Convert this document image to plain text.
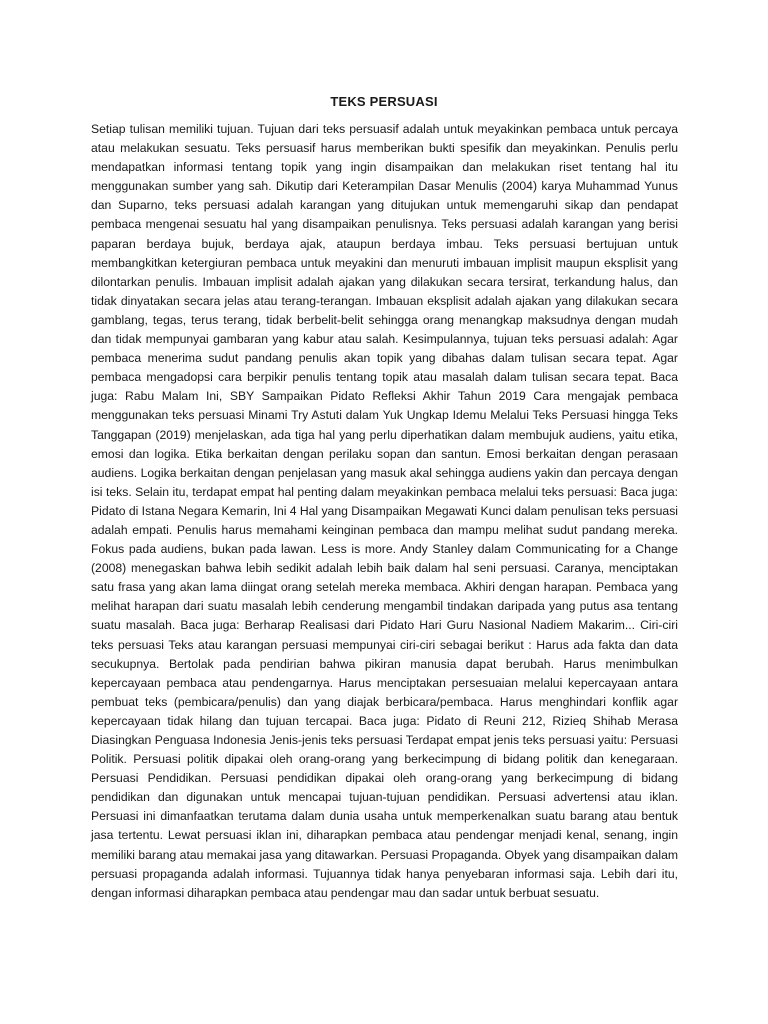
TEKS PERSUASI

Setiap tulisan memiliki tujuan. Tujuan dari teks persuasif adalah untuk meyakinkan pembaca untuk percaya atau melakukan sesuatu. Teks persuasif harus memberikan bukti spesifik dan meyakinkan. Penulis perlu mendapatkan informasi tentang topik yang ingin disampaikan dan melakukan riset tentang hal itu menggunakan sumber yang sah. Dikutip dari Keterampilan Dasar Menulis (2004) karya Muhammad Yunus dan Suparno, teks persuasi adalah karangan yang ditujukan untuk memengaruhi sikap dan pendapat pembaca mengenai sesuatu hal yang disampaikan penulisnya. Teks persuasi adalah karangan yang berisi paparan berdaya bujuk, berdaya ajak, ataupun berdaya imbau. Teks persuasi bertujuan untuk membangkitkan ketergiuran pembaca untuk meyakini dan menuruti imbauan implisit maupun eksplisit yang dilontarkan penulis. Imbauan implisit adalah ajakan yang dilakukan secara tersirat, terkandung halus, dan tidak dinyatakan secara jelas atau terang-terangan. Imbauan eksplisit adalah ajakan yang dilakukan secara gamblang, tegas, terus terang, tidak berbelit-belit sehingga orang menangkap maksudnya dengan mudah dan tidak mempunyai gambaran yang kabur atau salah. Kesimpulannya, tujuan teks persuasi adalah: Agar pembaca menerima sudut pandang penulis akan topik yang dibahas dalam tulisan secara tepat. Agar pembaca mengadopsi cara berpikir penulis tentang topik atau masalah dalam tulisan secara tepat. Baca juga: Rabu Malam Ini, SBY Sampaikan Pidato Refleksi Akhir Tahun 2019 Cara mengajak pembaca menggunakan teks persuasi Minami Try Astuti dalam Yuk Ungkap Idemu Melalui Teks Persuasi hingga Teks Tanggapan (2019) menjelaskan, ada tiga hal yang perlu diperhatikan dalam membujuk audiens, yaitu etika, emosi dan logika. Etika berkaitan dengan perilaku sopan dan santun. Emosi berkaitan dengan perasaan audiens. Logika berkaitan dengan penjelasan yang masuk akal sehingga audiens yakin dan percaya dengan isi teks. Selain itu, terdapat empat hal penting dalam meyakinkan pembaca melalui teks persuasi: Baca juga: Pidato di Istana Negara Kemarin, Ini 4 Hal yang Disampaikan Megawati Kunci dalam penulisan teks persuasi adalah empati. Penulis harus memahami keinginan pembaca dan mampu melihat sudut pandang mereka. Fokus pada audiens, bukan pada lawan. Less is more. Andy Stanley dalam Communicating for a Change (2008) menegaskan bahwa lebih sedikit adalah lebih baik dalam hal seni persuasi. Caranya, menciptakan satu frasa yang akan lama diingat orang setelah mereka membaca. Akhiri dengan harapan. Pembaca yang melihat harapan dari suatu masalah lebih cenderung mengambil tindakan daripada yang putus asa tentang suatu masalah. Baca juga: Berharap Realisasi dari Pidato Hari Guru Nasional Nadiem Makarim... Ciri-ciri teks persuasi Teks atau karangan persuasi mempunyai ciri-ciri sebagai berikut : Harus ada fakta dan data secukupnya. Bertolak pada pendirian bahwa pikiran manusia dapat berubah. Harus menimbulkan kepercayaan pembaca atau pendengarnya. Harus menciptakan persesuaian melalui kepercayaan antara pembuat teks (pembicara/penulis) dan yang diajak berbicara/pembaca. Harus menghindari konflik agar kepercayaan tidak hilang dan tujuan tercapai. Baca juga: Pidato di Reuni 212, Rizieq Shihab Merasa Diasingkan Penguasa Indonesia Jenis-jenis teks persuasi Terdapat empat jenis teks persuasi yaitu: Persuasi Politik. Persuasi politik dipakai oleh orang-orang yang berkecimpung di bidang politik dan kenegaraan. Persuasi Pendidikan. Persuasi pendidikan dipakai oleh orang-orang yang berkecimpung di bidang pendidikan dan digunakan untuk mencapai tujuan-tujuan pendidikan. Persuasi advertensi atau iklan. Persuasi ini dimanfaatkan terutama dalam dunia usaha untuk memperkenalkan suatu barang atau bentuk jasa tertentu. Lewat persuasi iklan ini, diharapkan pembaca atau pendengar menjadi kenal, senang, ingin memiliki barang atau memakai jasa yang ditawarkan. Persuasi Propaganda. Obyek yang disampaikan dalam persuasi propaganda adalah informasi. Tujuannya tidak hanya penyebaran informasi saja. Lebih dari itu, dengan informasi diharapkan pembaca atau pendengar mau dan sadar untuk berbuat sesuatu.
